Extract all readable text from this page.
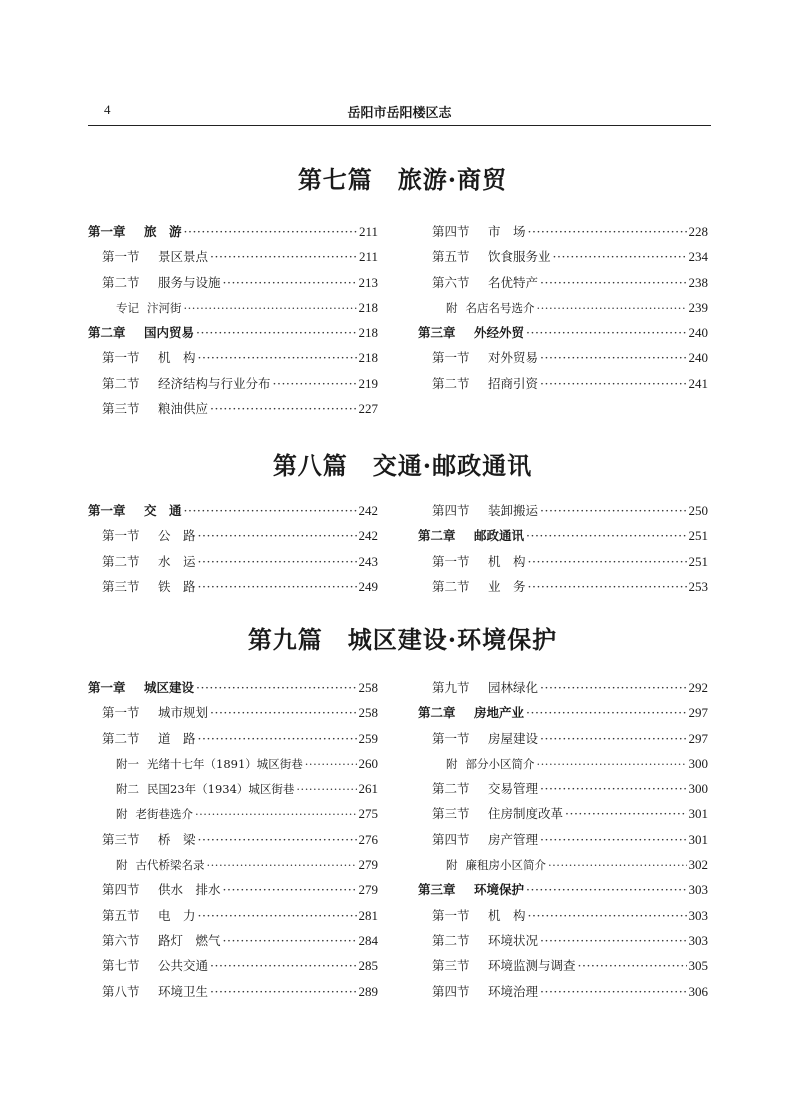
4	岳阳市岳阳楼区志
第七篇　旅游·商贸
第一章	旅　游 ·····	211
第一节	景区景点 ·····	211
第二节	服务与设施 ·····	213
专记 汴河街 ·····	218
第二章	国内贸易 ·····	218
第一节	机　构 ·····	218
第二节	经济结构与行业分布 ·····	219
第三节	粮油供应 ·····	227
第四节	市　场 ·····	228
第五节	饮食服务业 ·····	234
第六节	名优特产 ·····	238
附 名店名号选介 ·····	239
第三章	外经外贸 ·····	240
第一节	对外贸易 ·····	240
第二节	招商引资 ·····	241
第八篇　交通·邮政通讯
第一章	交　通 ·····	242
第一节	公　路 ·····	242
第二节	水　运 ·····	243
第三节	铁　路 ·····	249
第四节	装卸搬运 ·····	250
第二章	邮政通讯 ·····	251
第一节	机　构 ·····	251
第二节	业　务 ·····	253
第九篇　城区建设·环境保护
第一章	城区建设 ·····	258
第一节	城市规划 ·····	258
第二节	道　路 ·····	259
附一 光绪十七年（1891）城区街巷 ·····	260
附二 民国23年（1934）城区街巷 ·····	261
附 老街巷选介 ·····	275
第三节	桥　梁 ·····	276
附 古代桥梁名录 ·····	279
第四节	供水　排水 ·····	279
第五节	电　力 ·····	281
第六节	路灯　燃气 ·····	284
第七节	公共交通 ·····	285
第八节	环境卫生 ·····	289
第九节	园林绿化 ·····	292
第二章	房地产业 ·····	297
第一节	房屋建设 ·····	297
附 部分小区简介 ·····	300
第二节	交易管理 ·····	300
第三节	住房制度改革 ·····	301
第四节	房产管理 ·····	301
附 廉租房小区简介 ·····	302
第三章	环境保护 ·····	303
第一节	机　构 ·····	303
第二节	环境状况 ·····	303
第三节	环境监测与调查 ·····	305
第四节	环境治理 ·····	306
